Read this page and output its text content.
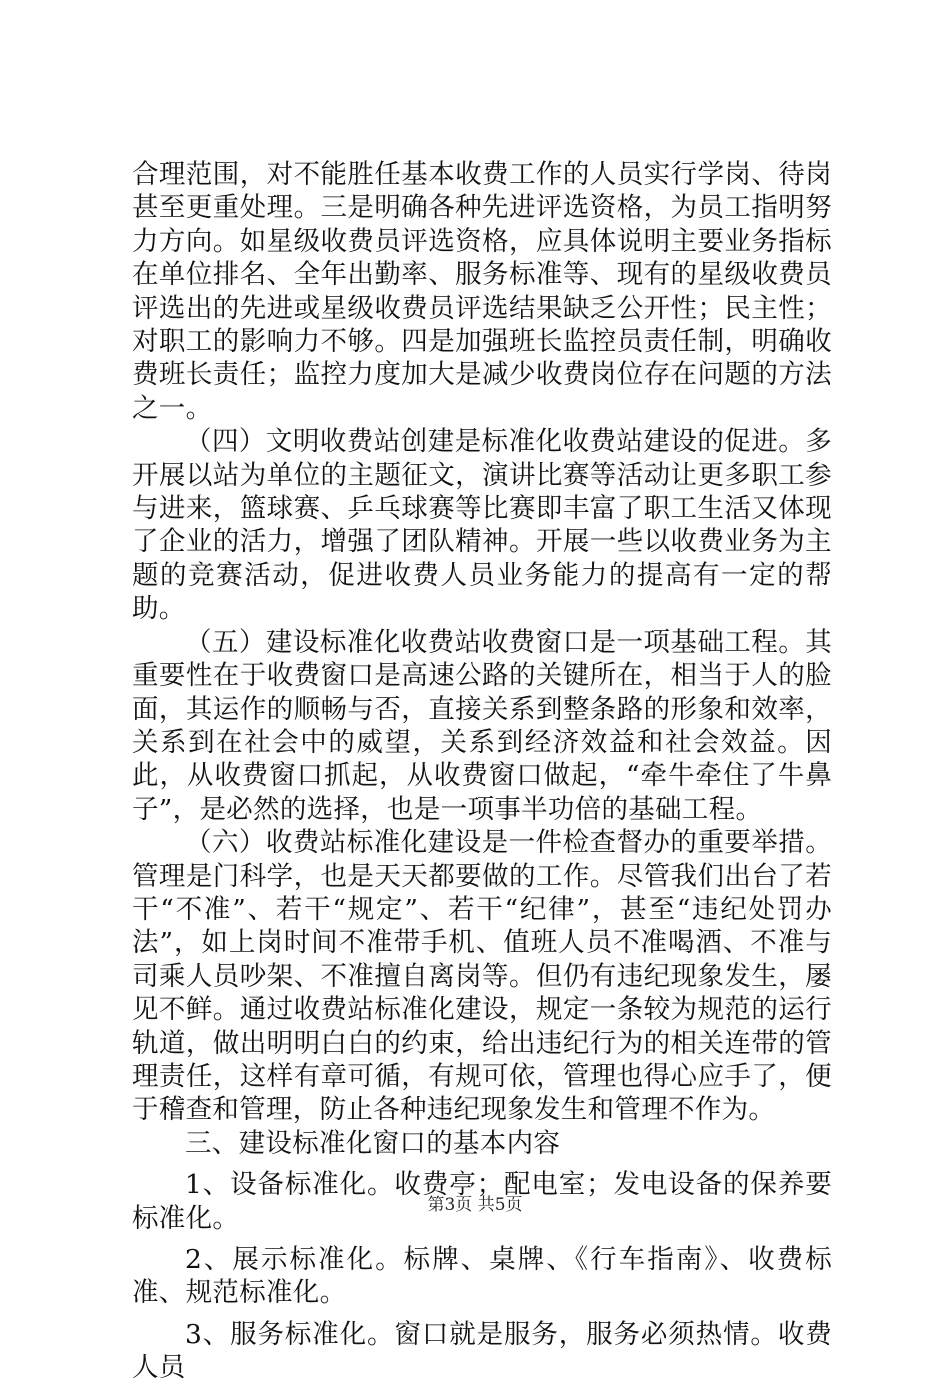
合理范围，对不能胜任基本收费工作的人员实行学岗、待岗甚至更重处理。三是明确各种先进评选资格，为员工指明努力方向。如星级收费员评选资格，应具体说明主要业务指标在单位排名、全年出勤率、服务标准等、现有的星级收费员评选出的先进或星级收费员评选结果缺乏公开性；民主性；对职工的影响力不够。四是加强班长监控员责任制，明确收费班长责任；监控力度加大是减少收费岗位存在问题的方法之一。

（四）文明收费站创建是标准化收费站建设的促进。多开展以站为单位的主题征文，演讲比赛等活动让更多职工参与进来，篮球赛、乒乓球赛等比赛即丰富了职工生活又体现了企业的活力，增强了团队精神。开展一些以收费业务为主题的竞赛活动，促进收费人员业务能力的提高有一定的帮助。

（五）建设标准化收费站收费窗口是一项基础工程。其重要性在于收费窗口是高速公路的关键所在，相当于人的脸面，其运作的顺畅与否，直接关系到整条路的形象和效率，关系到在社会中的威望，关系到经济效益和社会效益。因此，从收费窗口抓起，从收费窗口做起，“牵牛牵住了牛鼻子”，是必然的选择，也是一项事半功倍的基础工程。

（六）收费站标准化建设是一件检查督办的重要举措。管理是门科学，也是天天都要做的工作。尽管我们出台了若干“不准”、若干“规定”、若干“纪律”，甚至“违纪处罚办法”，如上岗时间不准带手机、值班人员不准喝酒、不准与司乘人员吵架、不准擅自离岗等。但仍有违纪现象发生，屡见不鲜。通过收费站标准化建设，规定一条较为规范的运行轨道，做出明明白白的约束，给出违纪行为的相关连带的管理责任，这样有章可循，有规可依，管理也得心应手了，便于稽查和管理，防止各种违纪现象发生和管理不作为。

三、建设标准化窗口的基本内容

1、设备标准化。收费亭；配电室；发电设备的保养要标准化。

2、展示标准化。标牌、桌牌、《行车指南》、收费标准、规范标准化。

3、服务标准化。窗口就是服务，服务必须热情。收费人员

第3页 共5页
